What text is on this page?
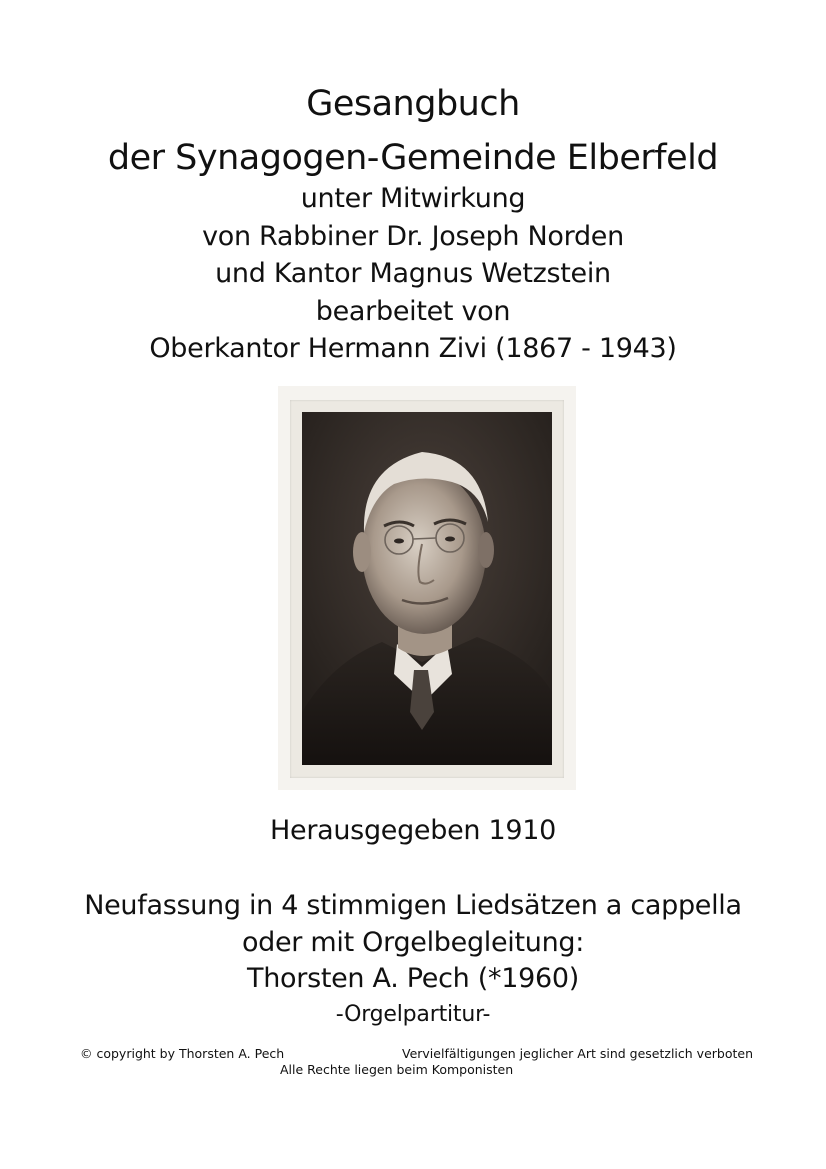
Gesangbuch
der Synagogen-Gemeinde Elberfeld
unter Mitwirkung
von Rabbiner Dr. Joseph Norden
und Kantor Magnus Wetzstein
bearbeitet von
Oberkantor Hermann Zivi (1867 - 1943)
Herausgegeben 1910
Neufassung in 4 stimmigen Liedsätzen a cappella
oder mit Orgelbegleitung:
Thorsten A. Pech (*1960)
-Orgelpartitur-
© copyright by Thorsten A. Pech	Vervielfältigungen jeglicher Art sind gesetzlich verboten
Alle Rechte liegen beim Komponisten
